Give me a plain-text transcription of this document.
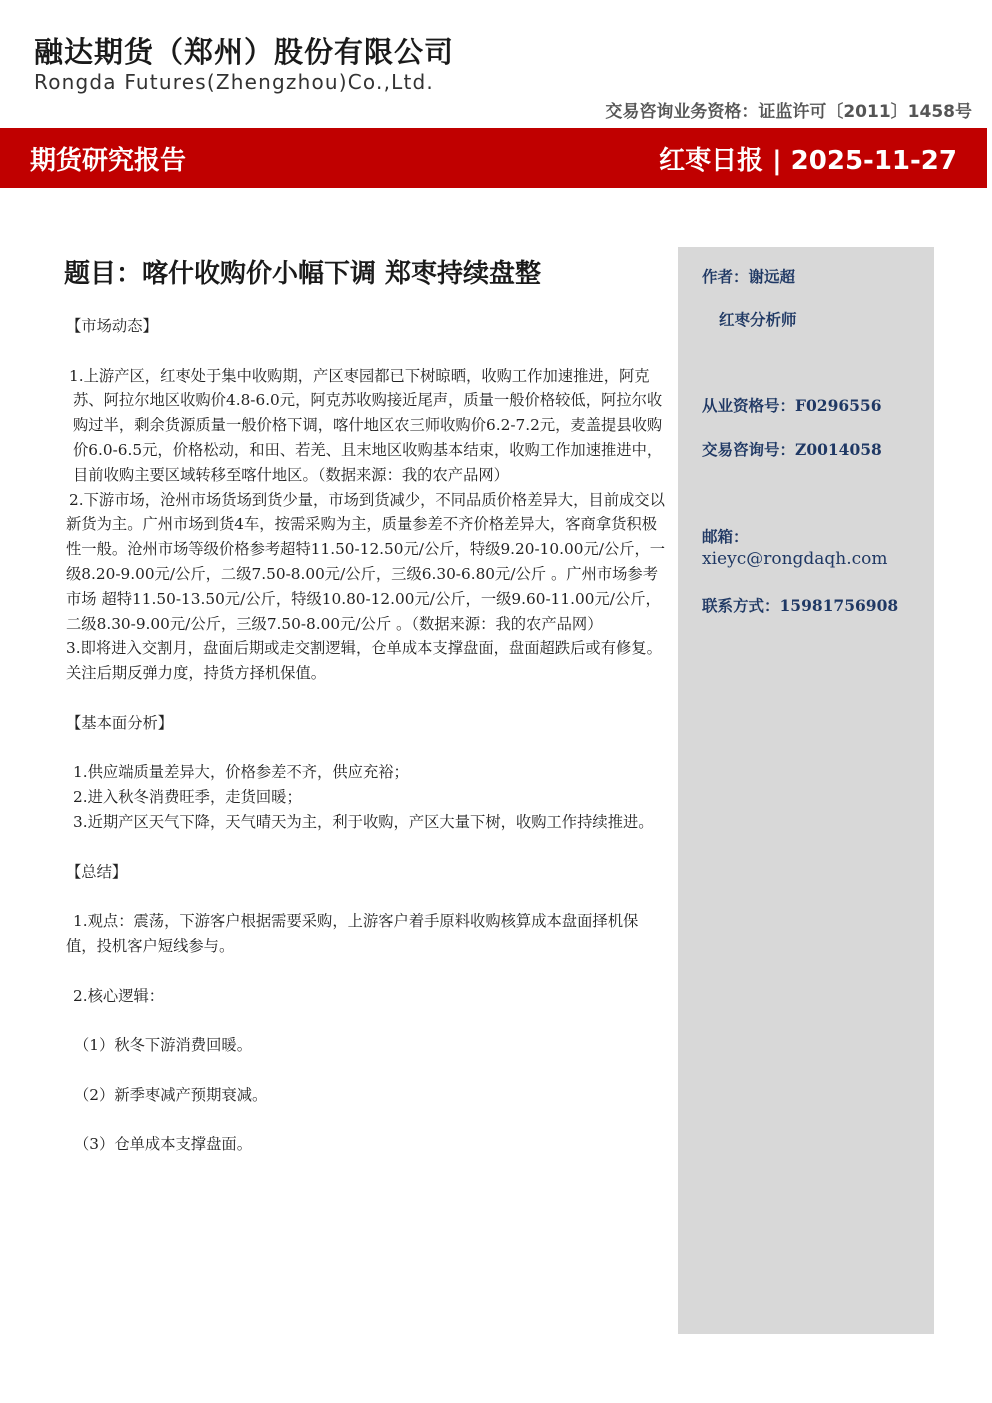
融达期货（郑州）股份有限公司
Rongda Futures(Zhengzhou)Co.,Ltd.
交易咨询业务资格：证监许可〔2011〕1458号
期货研究报告	红枣日报 | 2025-11-27
作者：谢远超
红枣分析师
从业资格号：F0296556
交易咨询号：Z0014058
邮箱：
xieyc@rongdaqh.com
联系方式：15981756908
题目：喀什收购价小幅下调 郑枣持续盘整

【市场动态】

1.上游产区，红枣处于集中收购期，产区枣园都已下树晾晒，收购工作加速推进，阿克苏、阿拉尔地区收购价4.8-6.0元，阿克苏收购接近尾声，质量一般价格较低，阿拉尔收购过半，剩余货源质量一般价格下调，喀什地区农三师收购价6.2-7.2元，麦盖提县收购价6.0-6.5元，价格松动，和田、若羌、且末地区收购基本结束，收购工作加速推进中，目前收购主要区域转移至喀什地区。（数据来源：我的农产品网）

2.下游市场，沧州市场货场到货少量，市场到货减少，不同品质价格差异大，目前成交以新货为主。广州市场到货4车，按需采购为主，质量参差不齐价格差异大，客商拿货积极性一般。沧州市场等级价格参考超特11.50-12.50元/公斤，特级9.20-10.00元/公斤，一级8.20-9.00元/公斤，二级7.50-8.00元/公斤，三级6.30-6.80元/公斤 。广州市场参考市场 超特11.50-13.50元/公斤，特级10.80-12.00元/公斤，一级9.60-11.00元/公斤，二级8.30-9.00元/公斤，三级7.50-8.00元/公斤 。（数据来源：我的农产品网）

3.即将进入交割月，盘面后期或走交割逻辑，仓单成本支撑盘面，盘面超跌后或有修复。关注后期反弹力度，持货方择机保值。

【基本面分析】

1.供应端质量差异大，价格参差不齐，供应充裕；

2.进入秋冬消费旺季，走货回暖；

3.近期产区天气下降，天气晴天为主，利于收购，产区大量下树，收购工作持续推进。

【总结】

1.观点：震荡，下游客户根据需要采购，上游客户着手原料收购核算成本盘面择机保值，投机客户短线参与。

2.核心逻辑：

（1）秋冬下游消费回暖。

（2）新季枣减产预期衰减。

（3）仓单成本支撑盘面。
